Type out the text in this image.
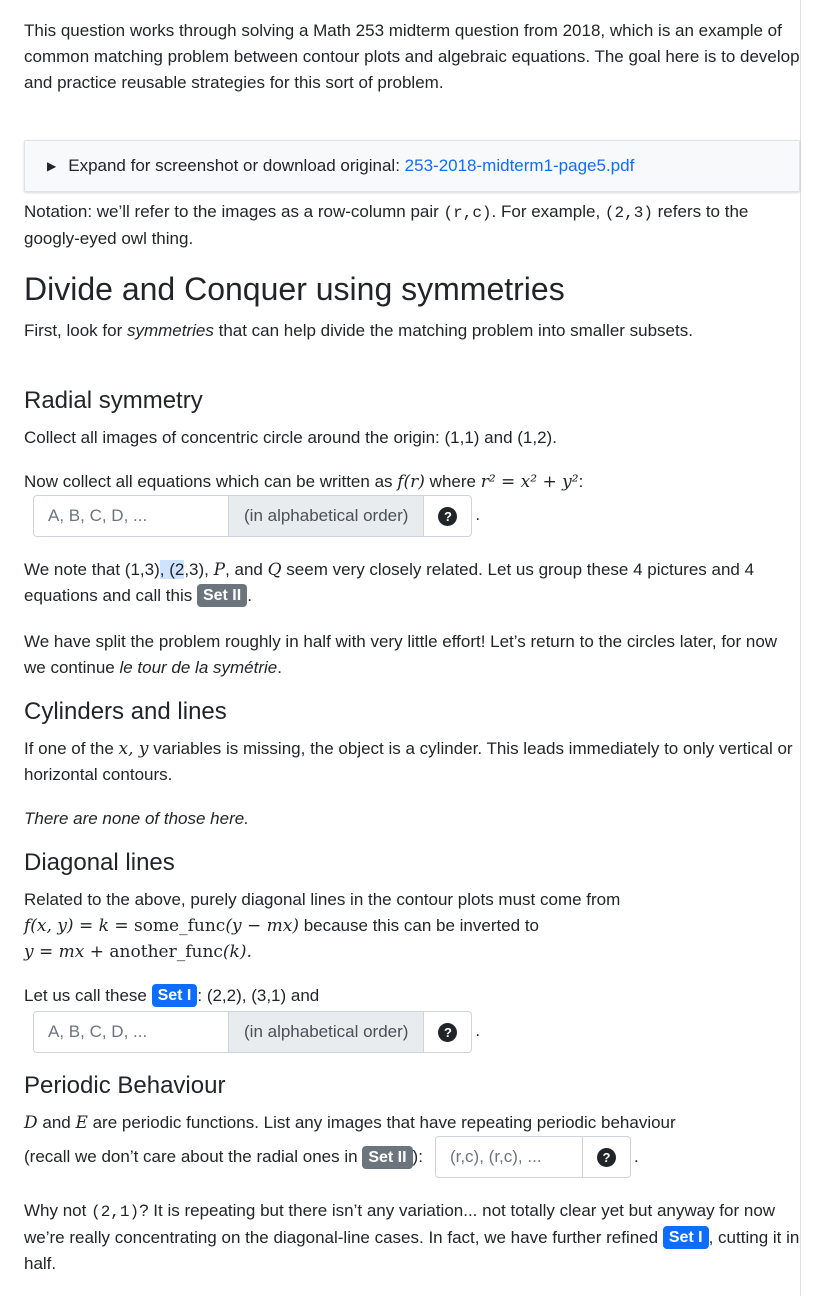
This question works through solving a Math 253 midterm question from 2018, which is an example of common matching problem between contour plots and algebraic equations. The goal here is to develop and practice reusable strategies for this sort of problem.

▶ Expand for screenshot or download original: 253-2018-midterm1-page5.pdf

Notation: we’ll refer to the images as a row-column pair (r,c). For example, (2,3) refers to the googly-eyed owl thing.

Divide and Conquer using symmetries

First, look for symmetries that can help divide the matching problem into smaller subsets.

Radial symmetry

Collect all images of concentric circle around the origin: (1,1) and (1,2).

Now collect all equations which can be written as f(r) where r² = x² + y²:

A, B, C, D, ...
(in alphabetical order)	?	.

We note that (1,3), (2,3), P, and Q seem very closely related. Let us group these 4 pictures and 4 equations and call this Set II .

We have split the problem roughly in half with very little effort! Let’s return to the circles later, for now we continue le tour de la symétrie.

Cylinders and lines

If one of the x, y variables is missing, the object is a cylinder. This leads immediately to only vertical or horizontal contours.

There are none of those here.

Diagonal lines

Related to the above, purely diagonal lines in the contour plots must come from
f(x, y) = k = some_func(y − mx) because this can be inverted to
y = mx + another_func(k).

Let us call these Set I : (2,2), (3,1) and

A, B, C, D, ...
(in alphabetical order)	?	.
Periodic Behaviour

D and E are periodic functions. List any images that have repeating periodic behaviour

(recall we don’t care about the radial ones in Set II ):
(r,c), (r,c), ...	?	.

Why not (2,1)? It is repeating but there isn’t any variation... not totally clear yet but anyway for now we’re really concentrating on the diagonal-line cases. In fact, we have further refined Set I , cutting it in half.
